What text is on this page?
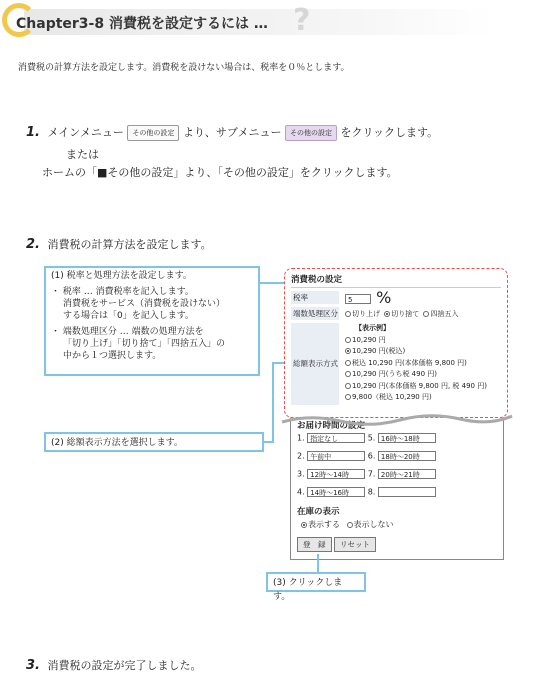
Chapter3-8 消費税を設定するには … ?
消費税の計算方法を設定します。消費税を設けない場合は、税率を０％とします。
1. メインメニュー その他の設定 より、サブメニュー その他の設定 をクリックします。
または
ホームの「■その他の設定」より、「その他の設定」をクリックします。
2. 消費税の計算方法を設定します。
(1) 税率と処理方法を設定します。
・ 税率 … 消費税率を記入します。
消費税をサービス（消費税を設けない）
する場合は「0」を記入します。
・ 端数処理区分 … 端数の処理方法を
「切り上げ」「切り捨て」「四捨五入」の
中から１つ選択します。
(2) 総額表示方法を選択します。
お届け時間の設定
1. 指定なし	5. 16時〜18時
2. 午前中	6. 18時〜20時
3. 12時〜14時 7. 20時〜21時
4. 14時〜16時 8.
在庫の表示
表示する 表示しない
登　録 リセット
消費税の設定
税率	5 %
端数処理区分	切り上げ 切り捨て 四捨五入
総額表示方式
【表示例】
10,290 円
10,290 円(税込)
税込 10,290 円(本体価格 9,800 円)
10,290 円(うち税 490 円)
10,290 円(本体価格 9,800 円, 税 490 円)
9,800（税込 10,290 円)
(3) クリックします。
3. 消費税の設定が完了しました。
